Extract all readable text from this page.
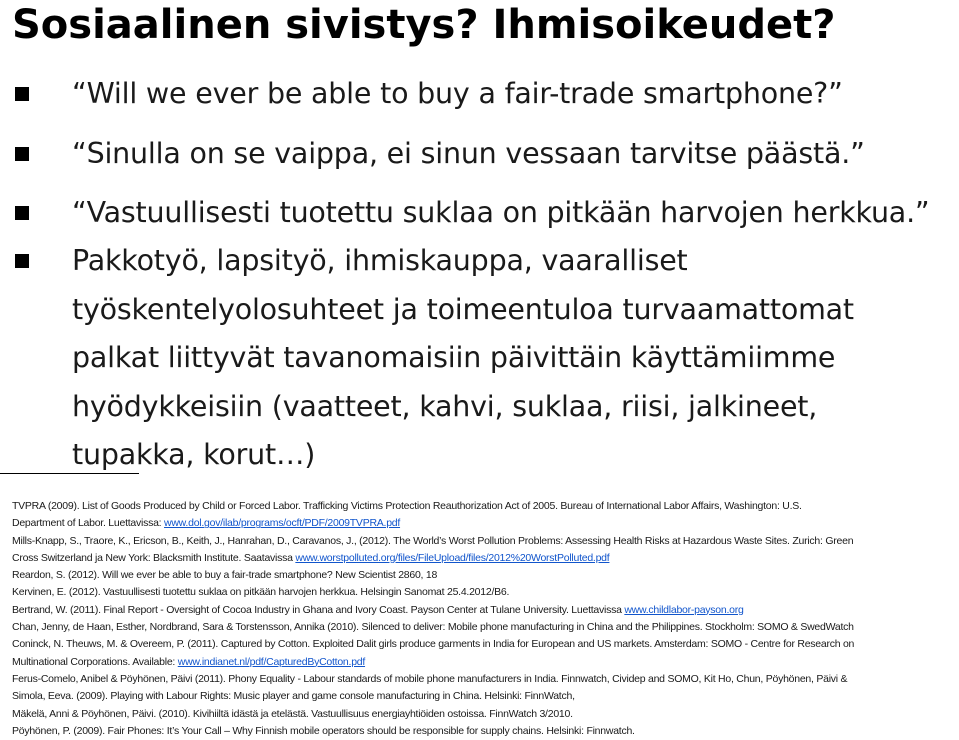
Sosiaalinen sivistys? Ihmisoikeudet?

“Will we ever be able to buy a fair-trade smartphone?”

“Sinulla on se vaippa, ei sinun vessaan tarvitse päästä.”

“Vastuullisesti tuotettu suklaa on pitkään harvojen herkkua.”

Pakkotyö, lapsityö, ihmiskauppa, vaaralliset
työskentelyolosuhteet ja toimeentuloa turvaamattomat
palkat liittyvät tavanomaisiin päivittäin käyttämiimme
hyödykkeisiin (vaatteet, kahvi, suklaa, riisi, jalkineet,
tupakka, korut…)

TVPRA (2009). List of Goods Produced by Child or Forced Labor. Trafficking Victims Protection Reauthorization Act of 2005. Bureau of International Labor Affairs, Washington: U.S.
Department of Labor. Luettavissa: www.dol.gov/ilab/programs/ocft/PDF/2009TVPRA.pdf
Mills-Knapp, S., Traore, K., Ericson, B., Keith, J., Hanrahan, D., Caravanos, J., (2012). The World’s Worst Pollution Problems: Assessing Health Risks at Hazardous Waste Sites. Zurich: Green
Cross Switzerland ja New York: Blacksmith Institute. Saatavissa www.worstpolluted.org/files/FileUpload/files/2012%20WorstPolluted.pdf
Reardon, S. (2012). Will we ever be able to buy a fair-trade smartphone? New Scientist 2860, 18
Kervinen, E. (2012). Vastuullisesti tuotettu suklaa on pitkään harvojen herkkua. Helsingin Sanomat 25.4.2012/B6.
Bertrand, W. (2011). Final Report - Oversight of Cocoa Industry in Ghana and Ivory Coast. Payson Center at Tulane University. Luettavissa www.childlabor-payson.org
Chan, Jenny, de Haan, Esther, Nordbrand, Sara & Torstensson, Annika (2010). Silenced to deliver: Mobile phone manufacturing in China and the Philippines. Stockholm: SOMO & SwedWatch
Coninck, N. Theuws, M. & Overeem, P. (2011). Captured by Cotton. Exploited Dalit girls produce garments in India for European and US markets. Amsterdam: SOMO - Centre for Research on
Multinational Corporations. Available: www.indianet.nl/pdf/CapturedByCotton.pdf
Ferus-Comelo, Anibel & Pöyhönen, Päivi (2011). Phony Equality - Labour standards of mobile phone manufacturers in India. Finnwatch, Cividep and SOMO, Kit Ho, Chun, Pöyhönen, Päivi &
Simola, Eeva. (2009). Playing with Labour Rights: Music player and game console manufacturing in China. Helsinki: FinnWatch,
Mäkelä, Anni & Pöyhönen, Päivi. (2010). Kivihiiltä idästä ja etelästä. Vastuullisuus energiayhtiöiden ostoissa. FinnWatch 3/2010.
Pöyhönen, P. (2009). Fair Phones: It’s Your Call – Why Finnish mobile operators should be responsible for supply chains. Helsinki: Finnwatch.
